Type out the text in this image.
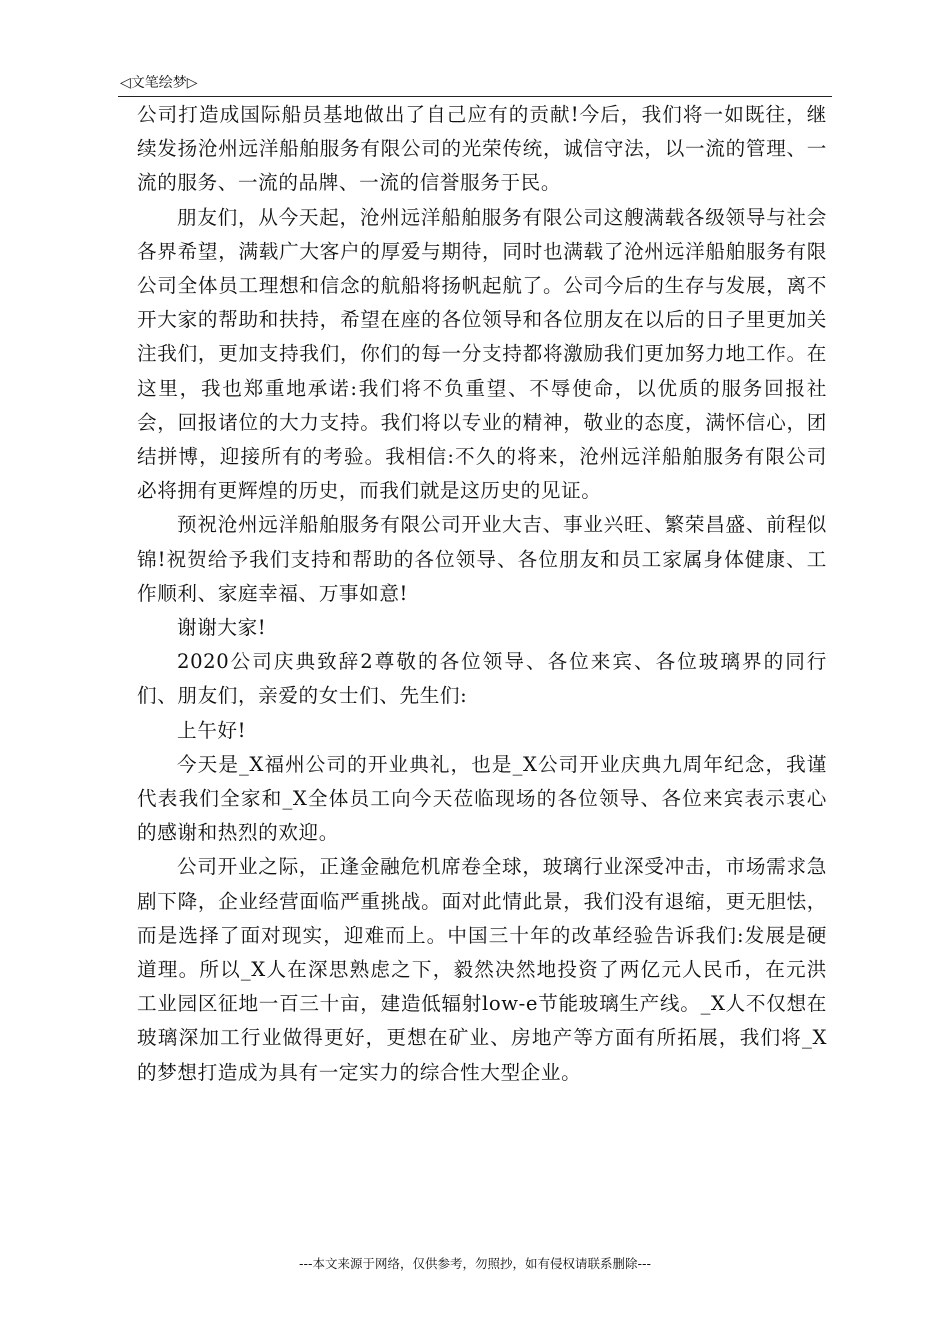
◁文笔绘梦▷

公司打造成国际船员基地做出了自己应有的贡献!今后，我们将一如既往，继续发扬沧州远洋船舶服务有限公司的光荣传统，诚信守法，以一流的管理、一流的服务、一流的品牌、一流的信誉服务于民。

朋友们，从今天起，沧州远洋船舶服务有限公司这艘满载各级领导与社会各界希望，满载广大客户的厚爱与期待，同时也满载了沧州远洋船舶服务有限公司全体员工理想和信念的航船将扬帆起航了。公司今后的生存与发展，离不开大家的帮助和扶持，希望在座的各位领导和各位朋友在以后的日子里更加关注我们，更加支持我们，你们的每一分支持都将激励我们更加努力地工作。在这里，我也郑重地承诺:我们将不负重望、不辱使命，以优质的服务回报社会，回报诸位的大力支持。我们将以专业的精神，敬业的态度，满怀信心，团结拼博，迎接所有的考验。我相信:不久的将来，沧州远洋船舶服务有限公司必将拥有更辉煌的历史，而我们就是这历史的见证。

预祝沧州远洋船舶服务有限公司开业大吉、事业兴旺、繁荣昌盛、前程似锦!祝贺给予我们支持和帮助的各位领导、各位朋友和员工家属身体健康、工作顺利、家庭幸福、万事如意!

谢谢大家!

2020公司庆典致辞2尊敬的各位领导、各位来宾、各位玻璃界的同行们、朋友们，亲爱的女士们、先生们:

上午好!

今天是_X福州公司的开业典礼，也是_X公司开业庆典九周年纪念，我谨代表我们全家和_X全体员工向今天莅临现场的各位领导、各位来宾表示衷心的感谢和热烈的欢迎。

公司开业之际，正逢金融危机席卷全球，玻璃行业深受冲击，市场需求急剧下降，企业经营面临严重挑战。面对此情此景，我们没有退缩，更无胆怯，而是选择了面对现实，迎难而上。中国三十年的改革经验告诉我们:发展是硬道理。所以_X人在深思熟虑之下，毅然决然地投资了两亿元人民币，在元洪工业园区征地一百三十亩，建造低辐射low-e节能玻璃生产线。_X人不仅想在玻璃深加工行业做得更好，更想在矿业、房地产等方面有所拓展，我们将_X的梦想打造成为具有一定实力的综合性大型企业。

---本文来源于网络，仅供参考，勿照抄，如有侵权请联系删除---
